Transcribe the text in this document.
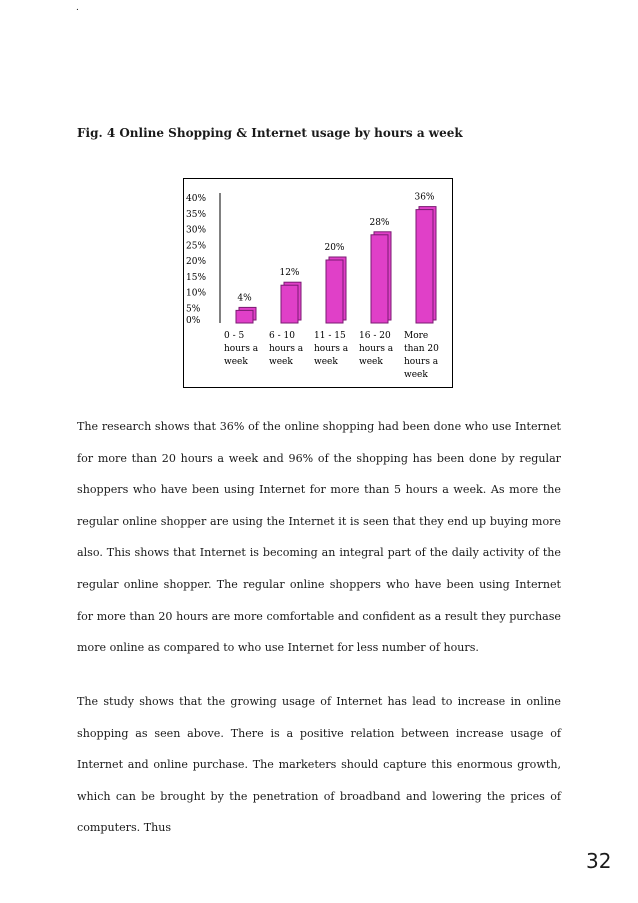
.
Fig. 4 Online Shopping & Internet usage by hours a week
0%
5%
10%
15%
20%
25%
30%
35%
40%
4%
0 - 5
hours a
week
12%
6 - 10
hours a
week
20%
11 - 15
hours a
week
28%
16 - 20
hours a
week
36%
More
than 20
hours a
week

The research shows that 36% of the online shopping had been done who use Internet for more than 20 hours a week and 96% of the shopping has been done by regular shoppers who have been using Internet for more than 5 hours a week. As more the regular online shopper are using the Internet it is seen that they end up buying more also. This shows that Internet is becoming an integral part of the daily activity of the regular online shopper. The regular online shoppers who have been using Internet for more than 20 hours are more comfortable and confident as a result they purchase more online as compared to who use Internet for less number of hours.

The study shows that the growing usage of Internet has lead to increase in online shopping as seen above. There is a positive relation between increase usage of Internet and online purchase. The marketers should capture this enormous growth, which can be brought by the penetration of broadband and lowering the prices of computers. Thus

32
